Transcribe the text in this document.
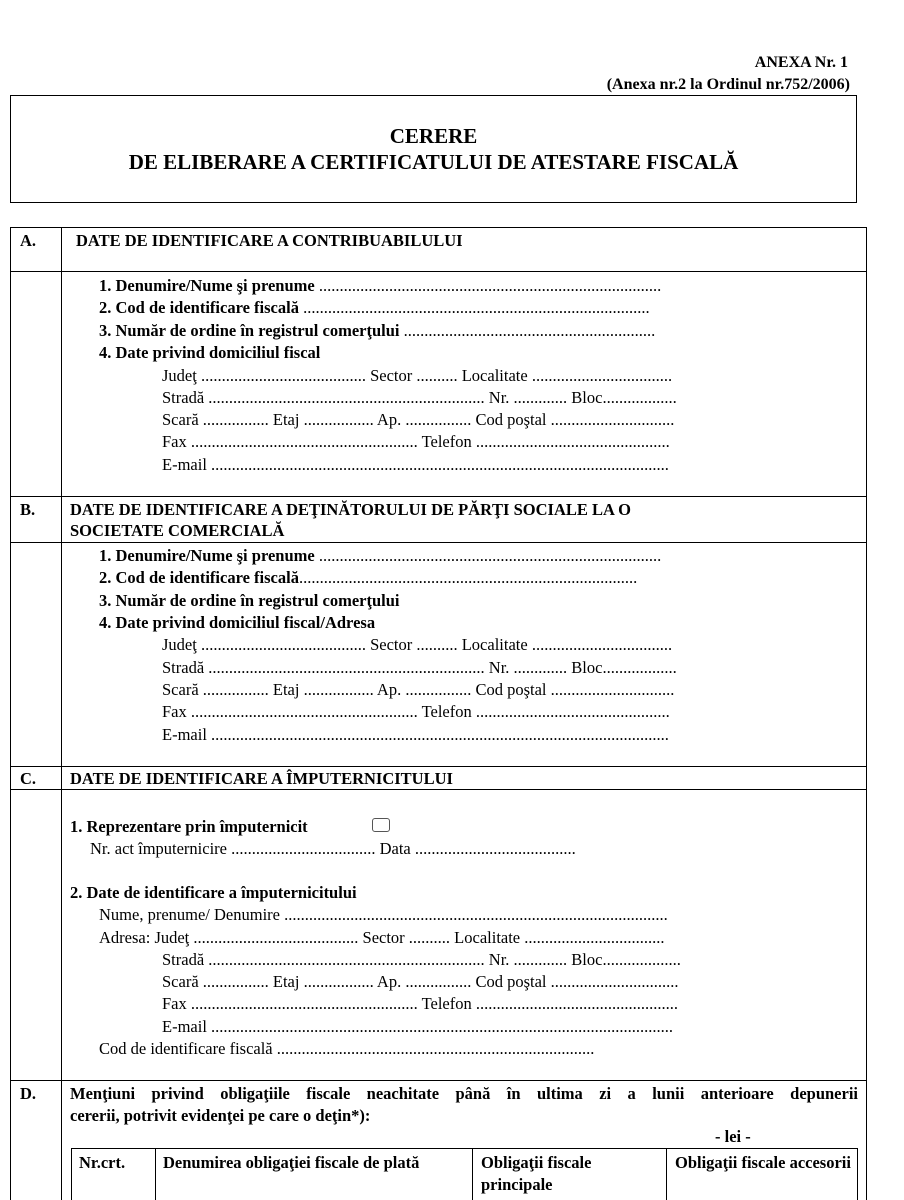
ANEXA Nr. 1
(Anexa nr.2 la Ordinul nr.752/2006)
CERERE
DE ELIBERARE A CERTIFICATULUI DE ATESTARE FISCALĂ
A. DATE DE IDENTIFICARE A CONTRIBUABILULUI
1. Denumire/Nume şi prenume ...................................................................................
2. Cod de identificare fiscală ....................................................................................
3. Număr de ordine în registrul comerţului .............................................................
4. Date privind domiciliul fiscal
Judeţ ........................................ Sector .......... Localitate ..................................
Stradă ................................................................... Nr. ............. Bloc..................
Scară ................ Etaj ................. Ap. ................ Cod poştal ..............................
Fax ....................................................... Telefon ...............................................
E-mail ...............................................................................................................
B. DATE DE IDENTIFICARE A DEŢINĂTORULUI DE PĂRŢI SOCIALE LA O
SOCIETATE COMERCIALĂ
1. Denumire/Nume şi prenume ...................................................................................
2. Cod de identificare fiscală..................................................................................
3. Număr de ordine în registrul comerţului
4. Date privind domiciliul fiscal/Adresa
Judeţ ........................................ Sector .......... Localitate ..................................
Stradă ................................................................... Nr. ............. Bloc..................
Scară ................ Etaj ................. Ap. ................ Cod poştal ..............................
Fax ....................................................... Telefon ...............................................
E-mail ...............................................................................................................
C. DATE DE IDENTIFICARE A ÎMPUTERNICITULUI
1. Reprezentare prin împuternicit
Nr. act împuternicire ................................... Data .......................................
2. Date de identificare a împuternicitului
Nume, prenume/ Denumire .............................................................................................
Adresa: Judeţ ........................................ Sector .......... Localitate ..................................
Stradă ................................................................... Nr. ............. Bloc...................
Scară ................ Etaj ................. Ap. ................ Cod poştal ...............................
Fax ....................................................... Telefon .................................................
E-mail ................................................................................................................
Cod de identificare fiscală .............................................................................
D. Menţiuni privind obligaţiile fiscale neachitate până în ultima zi a lunii anterioare depunerii
cererii, potrivit evidenţei pe care o deţin*):
- lei -
Nr.crt. Denumirea obligaţiei fiscale de plată	Obligaţii fiscale principale
Obligaţii fiscale accesorii
